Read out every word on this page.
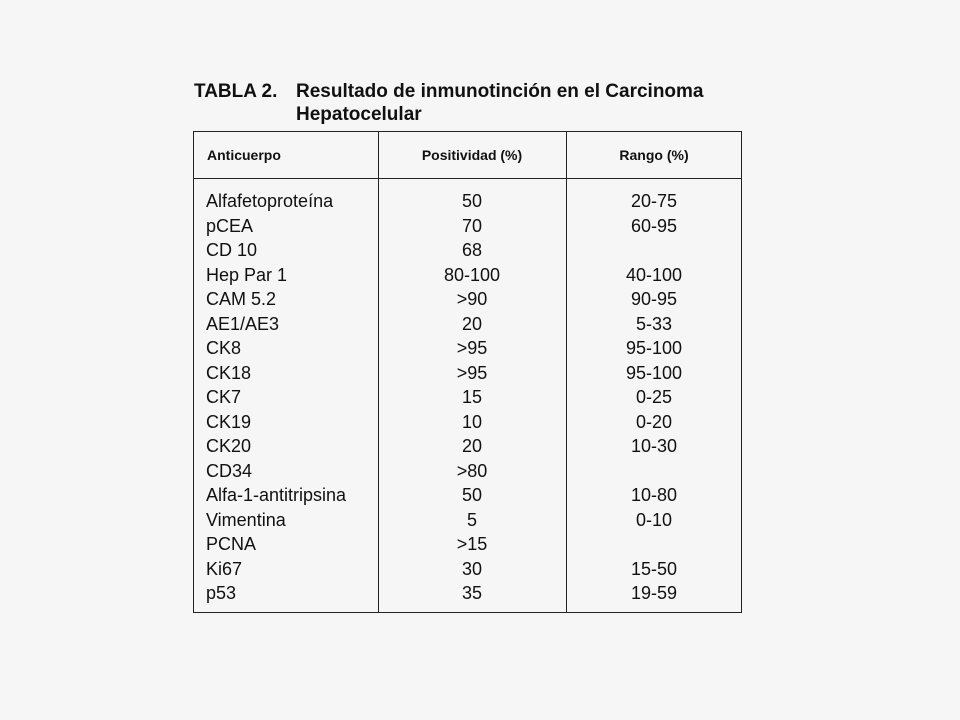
TABLA 2. Resultado de inmunotinción en el Carcinoma
Hepatocelular
Anticuerpo	Positividad (%)	Rango (%)
Alfafetoproteína	50	20-75
pCEA	70	60-95
CD 10	68
Hep Par 1	80-100	40-100
CAM 5.2	>90	90-95
AE1/AE3	20	5-33
CK8	>95	95-100
CK18	>95	95-100
CK7	15	0-25
CK19	10	0-20
CK20	20	10-30
CD34	>80
Alfa-1-antitripsina	50	10-80
Vimentina	5	0-10
PCNA	>15
Ki67	30	15-50
p53	35	19-59
